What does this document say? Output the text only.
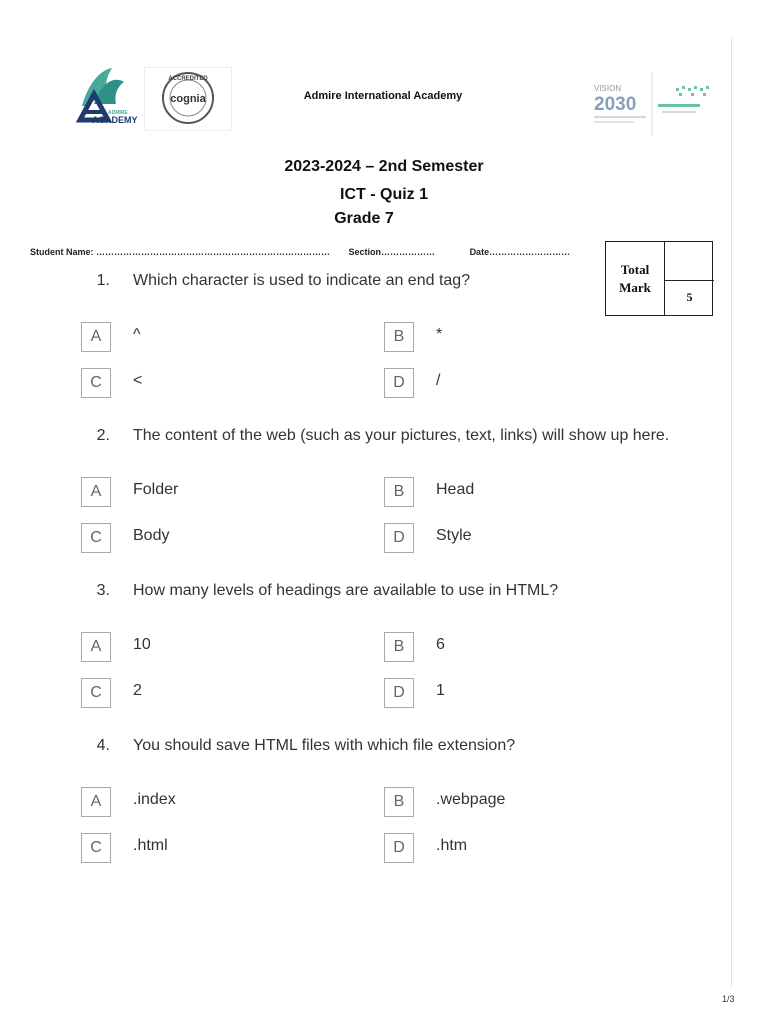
ADMIRE
ACADEMY
ACCREDITED
cognia	Admire International Academy
VISION
2030
2023-2024 – 2nd Semester
ICT - Quiz 1
Grade 7
Student Name: …………………………………………………………………… Section………………	Date………………………
Total
Mark
5
1. Which character is used to indicate an end tag?
A	^	B	*
C	<	D	/
2. The content of the web (such as your pictures, text, links) will show up here.
A	Folder	B	Head
C	Body	D	Style
3. How many levels of headings are available to use in HTML?
A	10	B	6
C	2	D	1
4. You should save HTML files with which file extension?
A	.index	B	.webpage
C	.html	D	.htm
1/3
